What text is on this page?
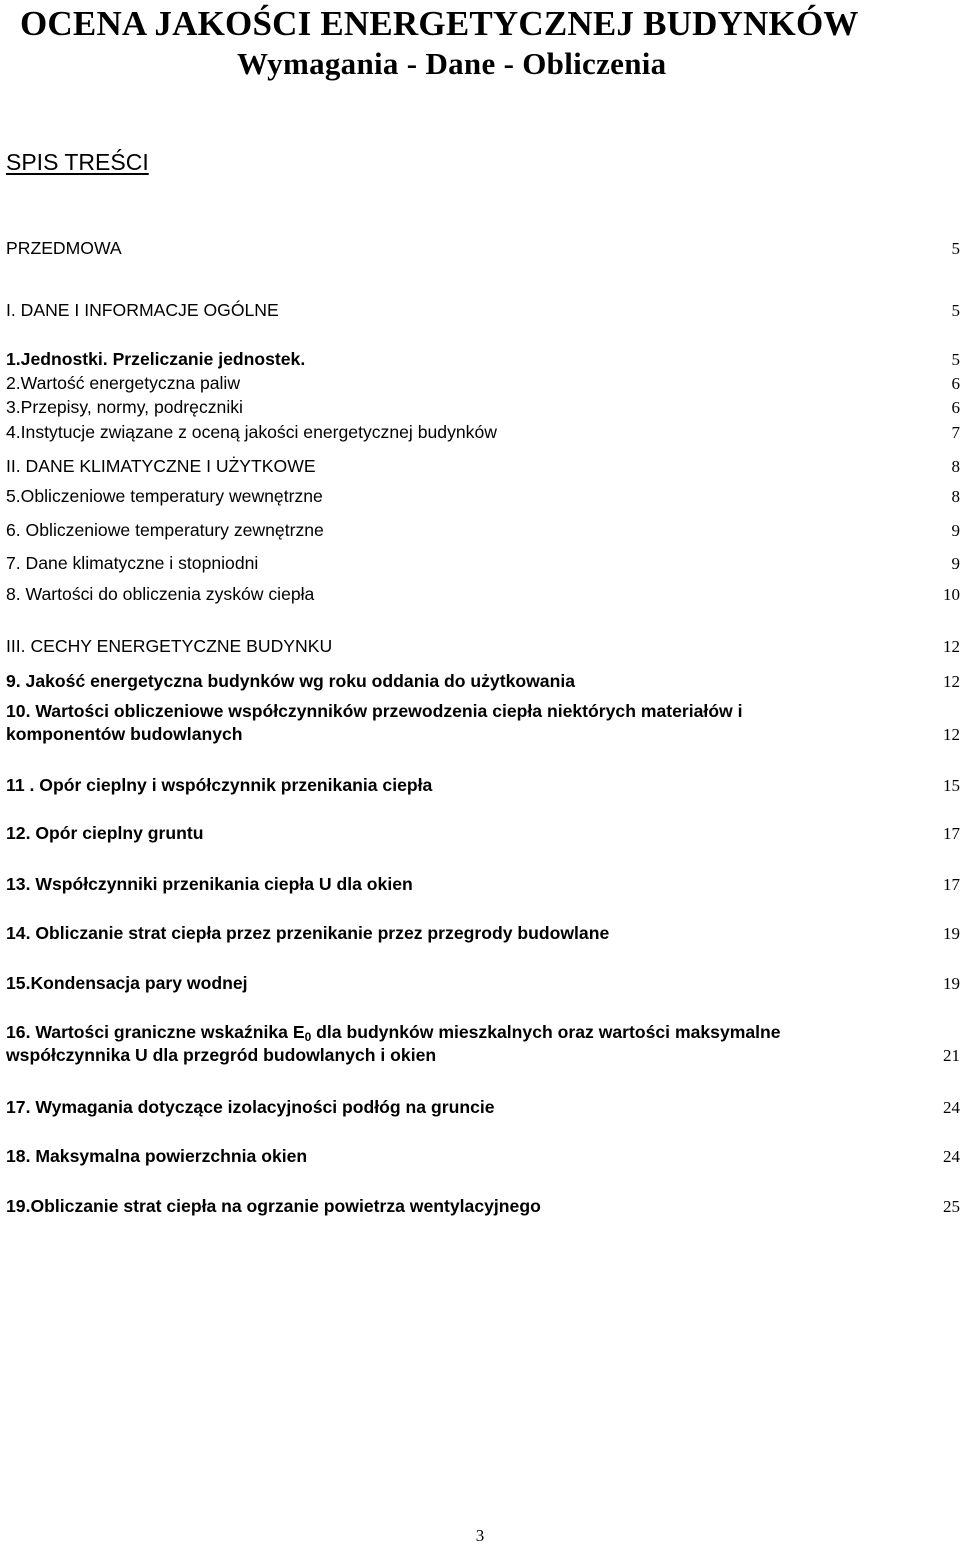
OCENA JAKOŚCI ENERGETYCZNEJ BUDYNKÓW
Wymagania - Dane - Obliczenia
SPIS TREŚCI
PRZEDMOWA .....	5
I. DANE I INFORMACJE OGÓLNE .....	5
1.Jednostki. Przeliczanie jednostek. .....	5
2.Wartość energetyczna paliw .....	6
3.Przepisy, normy, podręczniki .....	6
4.Instytucje związane z oceną jakości energetycznej budynków .....	7
II. DANE KLIMATYCZNE I UŻYTKOWE .....	8
5.Obliczeniowe temperatury wewnętrzne .....	8
6. Obliczeniowe temperatury zewnętrzne .....	9
7. Dane klimatyczne i stopniodni .....	9
8. Wartości do obliczenia zysków ciepła .....	10
III. CECHY ENERGETYCZNE BUDYNKU .....	12
9. Jakość energetyczna budynków wg roku oddania do użytkowania .....	12
10. Wartości obliczeniowe współczynników przewodzenia ciepła niektórych materiałów i
komponentów budowlanych .....	12
11 . Opór cieplny i współczynnik przenikania ciepła .....	15
12. Opór cieplny gruntu .....	17
13. Współczynniki przenikania ciepła U dla okien .....	17
14. Obliczanie strat ciepła przez przenikanie przez przegrody budowlane .....	19
15.Kondensacja pary wodnej .....	19
16. Wartości graniczne wskaźnika $E_0$ dla budynków mieszkalnych oraz wartości maksymalne
współczynnika U dla przegród budowlanych i okien .....	21
17. Wymagania dotyczące izolacyjności podłóg na gruncie .....	24
18. Maksymalna powierzchnia okien .....	24
19.Obliczanie strat ciepła na ogrzanie powietrza wentylacyjnego .....	25
3
